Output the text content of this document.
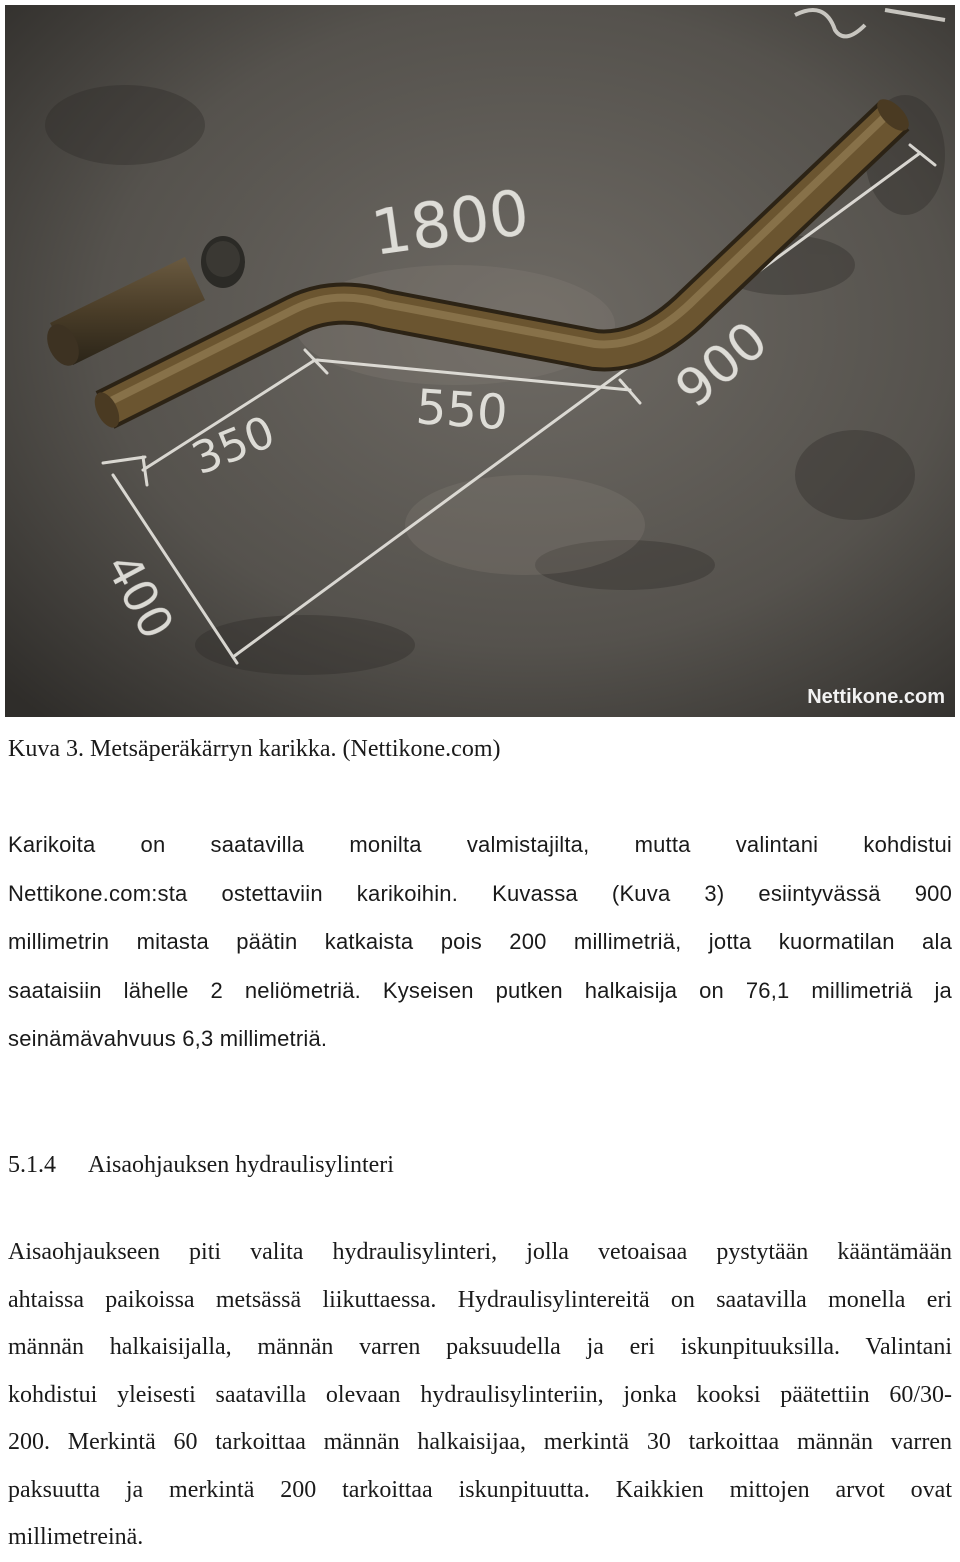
1800
350	550	900
400
Nettikone.com
Kuva 3. Metsäperäkärryn karikka. (Nettikone.com)
Karikoita on saatavilla monilta valmistajilta, mutta valintani kohdistui
Nettikone.com:sta ostettaviin karikoihin. Kuvassa (Kuva 3) esiintyvässä 900
millimetrin mitasta päätin katkaista pois 200 millimetriä, jotta kuormatilan ala
saataisiin lähelle 2 neliömetriä. Kyseisen putken halkaisija on 76,1 millimetriä ja
seinämävahvuus 6,3 millimetriä.
5.1.4 Aisaohjauksen hydraulisylinteri
Aisaohjaukseen piti valita hydraulisylinteri, jolla vetoaisaa pystytään kääntämään
ahtaissa paikoissa metsässä liikuttaessa. Hydraulisylintereitä on saatavilla monella eri
männän halkaisijalla, männän varren paksuudella ja eri iskunpituuksilla. Valintani
kohdistui yleisesti saatavilla olevaan hydraulisylinteriin, jonka kooksi päätettiin 60/30-
200. Merkintä 60 tarkoittaa männän halkaisijaa, merkintä 30 tarkoittaa männän varren
paksuutta ja merkintä 200 tarkoittaa iskunpituutta. Kaikkien mittojen arvot ovat
millimetreinä.
